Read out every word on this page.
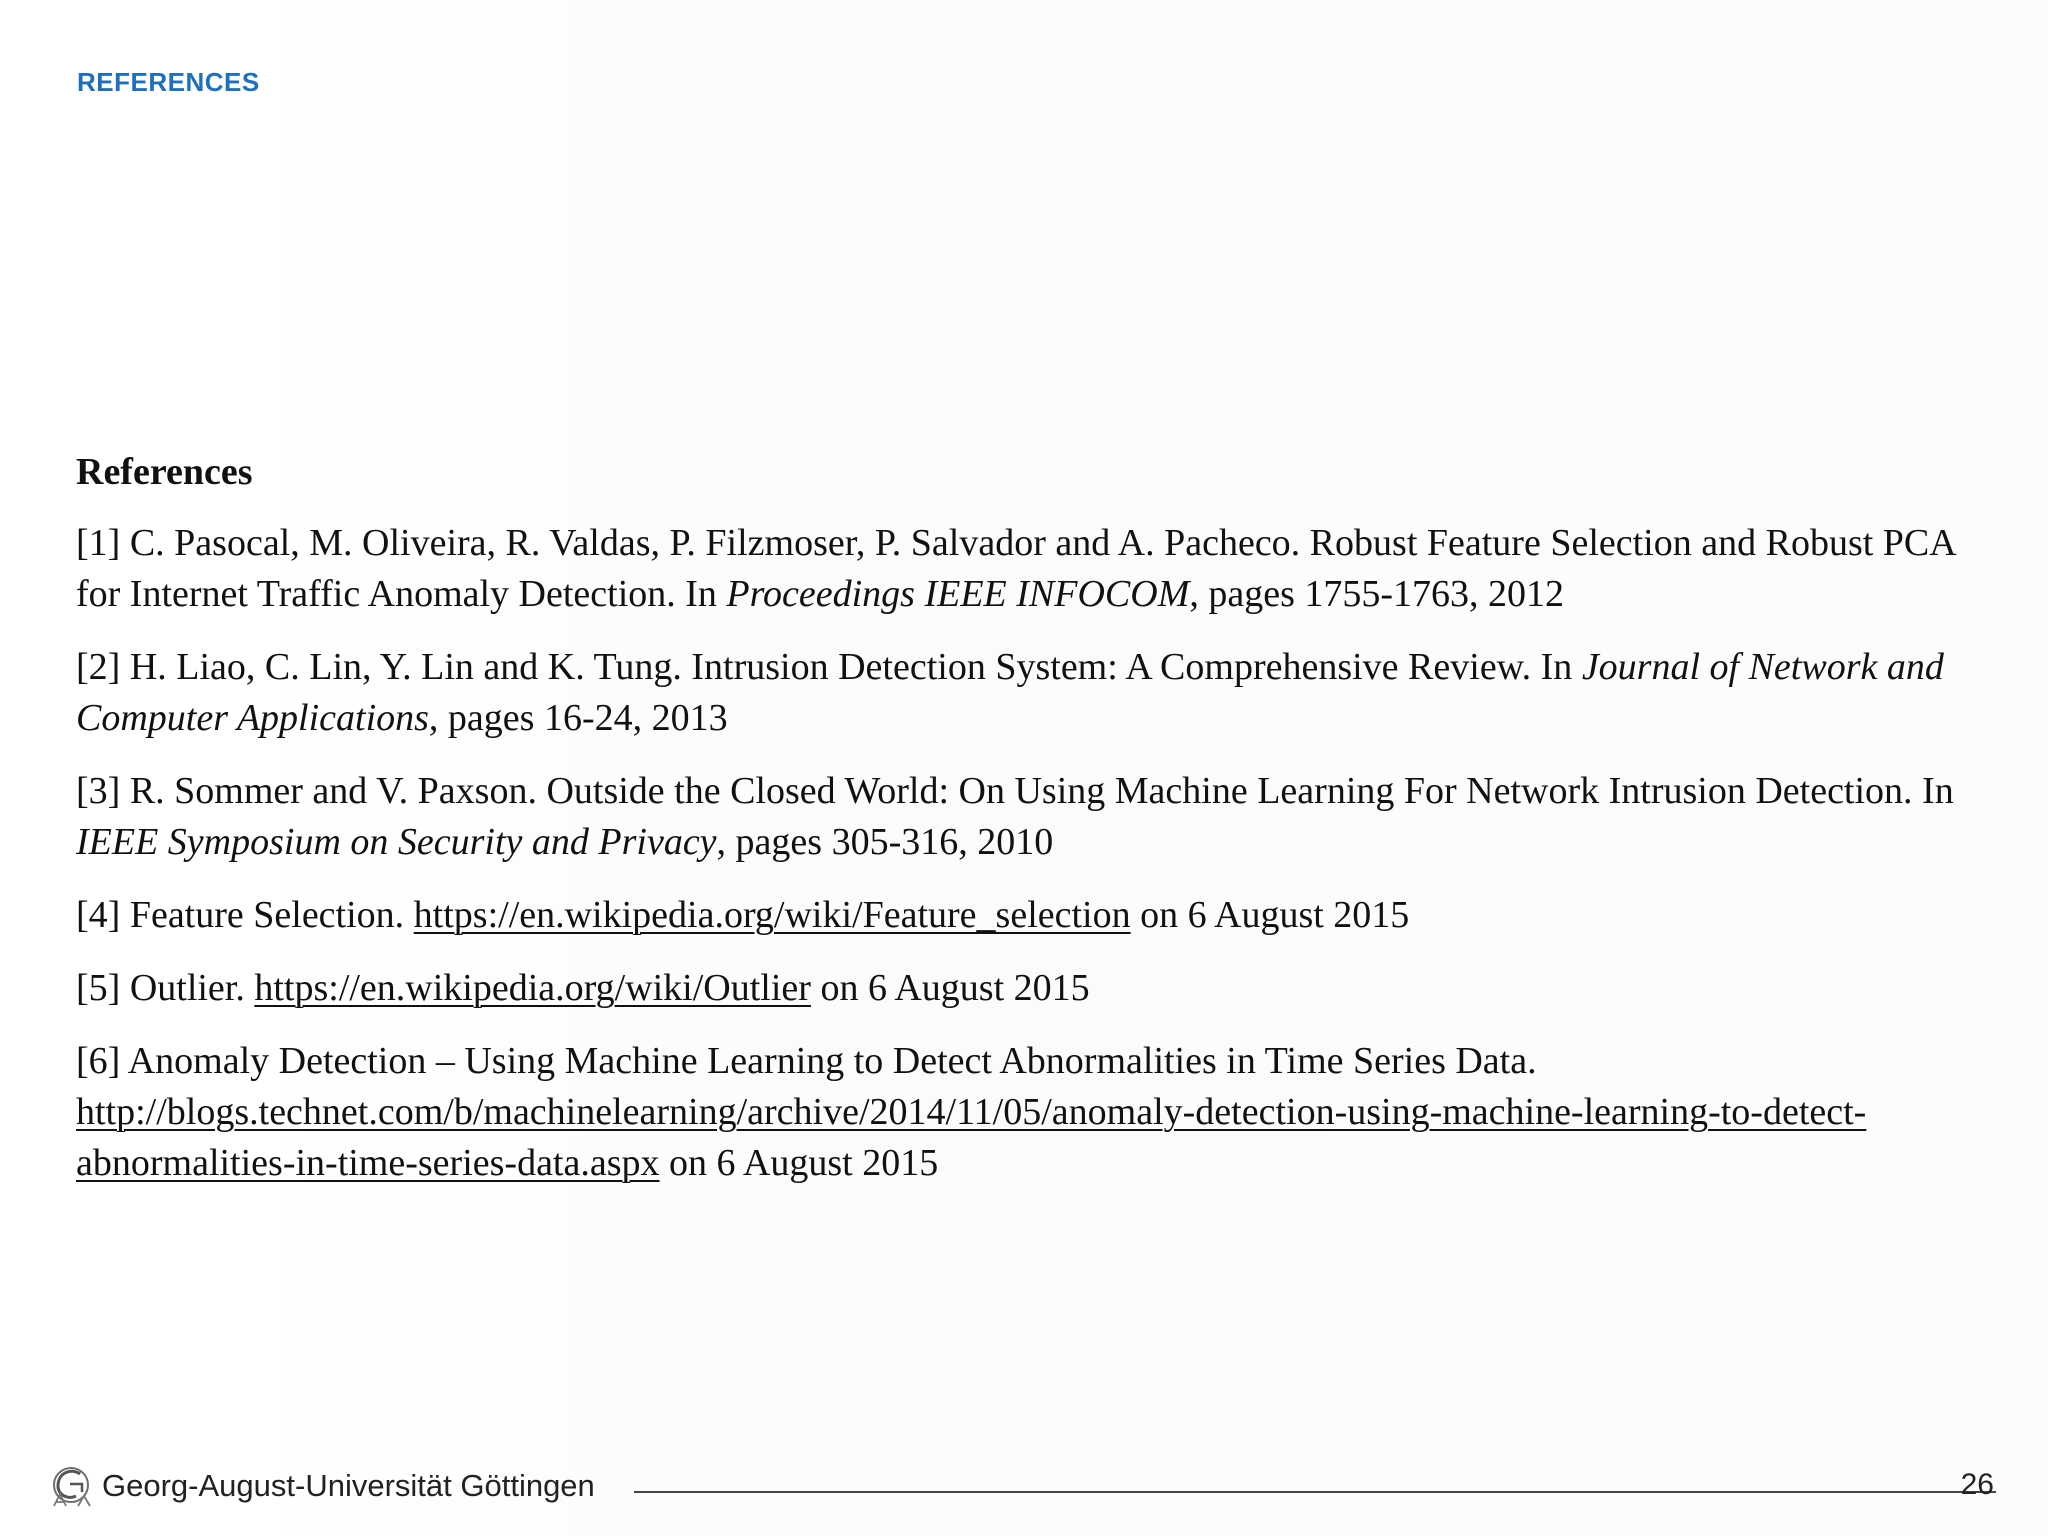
REFERENCES
References
[1] C. Pasocal, M. Oliveira, R. Valdas, P. Filzmoser, P. Salvador and A. Pacheco. Robust Feature Selection and Robust PCA for Internet Traffic Anomaly Detection. In Proceedings IEEE INFOCOM, pages 1755-1763, 2012
[2] H. Liao, C. Lin, Y. Lin and K. Tung. Intrusion Detection System: A Comprehensive Review. In Journal of Network and Computer Applications, pages 16-24, 2013
[3] R. Sommer and V. Paxson. Outside the Closed World: On Using Machine Learning For Network Intrusion Detection. In IEEE Symposium on Security and Privacy, pages 305-316, 2010
[4] Feature Selection. https://en.wikipedia.org/wiki/Feature_selection on 6 August 2015
[5] Outlier. https://en.wikipedia.org/wiki/Outlier on 6 August 2015
[6] Anomaly Detection – Using Machine Learning to Detect Abnormalities in Time Series Data. http://blogs.technet.com/b/machinelearning/archive/2014/11/05/anomaly-detection-using-machine-learning-to-detect-abnormalities-in-time-series-data.aspx on 6 August 2015
Georg-August-Universität Göttingen	26
